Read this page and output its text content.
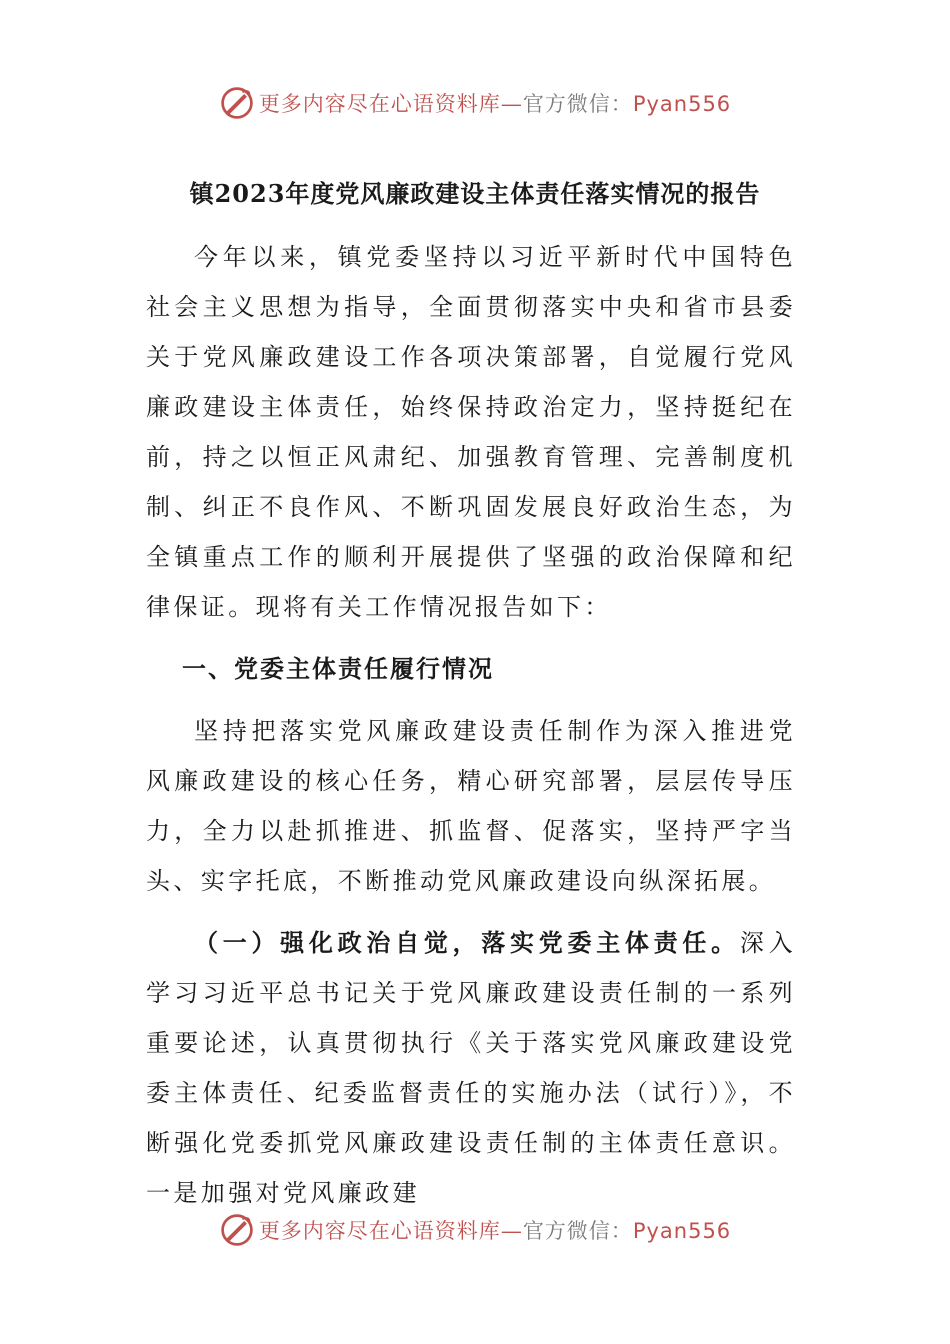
更多内容尽在心语资料库—官方微信：Pyan556
镇2023年度党风廉政建设主体责任落实情况的报告

今年以来，镇党委坚持以习近平新时代中国特色社会主义思想为指导，全面贯彻落实中央和省市县委关于党风廉政建设工作各项决策部署，自觉履行党风廉政建设主体责任，始终保持政治定力，坚持挺纪在前，持之以恒正风肃纪、加强教育管理、完善制度机制、纠正不良作风、不断巩固发展良好政治生态，为全镇重点工作的顺利开展提供了坚强的政治保障和纪律保证。现将有关工作情况报告如下：

一、党委主体责任履行情况

坚持把落实党风廉政建设责任制作为深入推进党风廉政建设的核心任务，精心研究部署，层层传导压力，全力以赴抓推进、抓监督、促落实，坚持严字当头、实字托底，不断推动党风廉政建设向纵深拓展。

（一）强化政治自觉，落实党委主体责任。深入学习习近平总书记关于党风廉政建设责任制的一系列重要论述，认真贯彻执行《关于落实党风廉政建设党委主体责任、纪委监督责任的实施办法（试行）》，不断强化党委抓党风廉政建设责任制的主体责任意识。一是加强对党风廉政建

更多内容尽在心语资料库—官方微信：Pyan556
